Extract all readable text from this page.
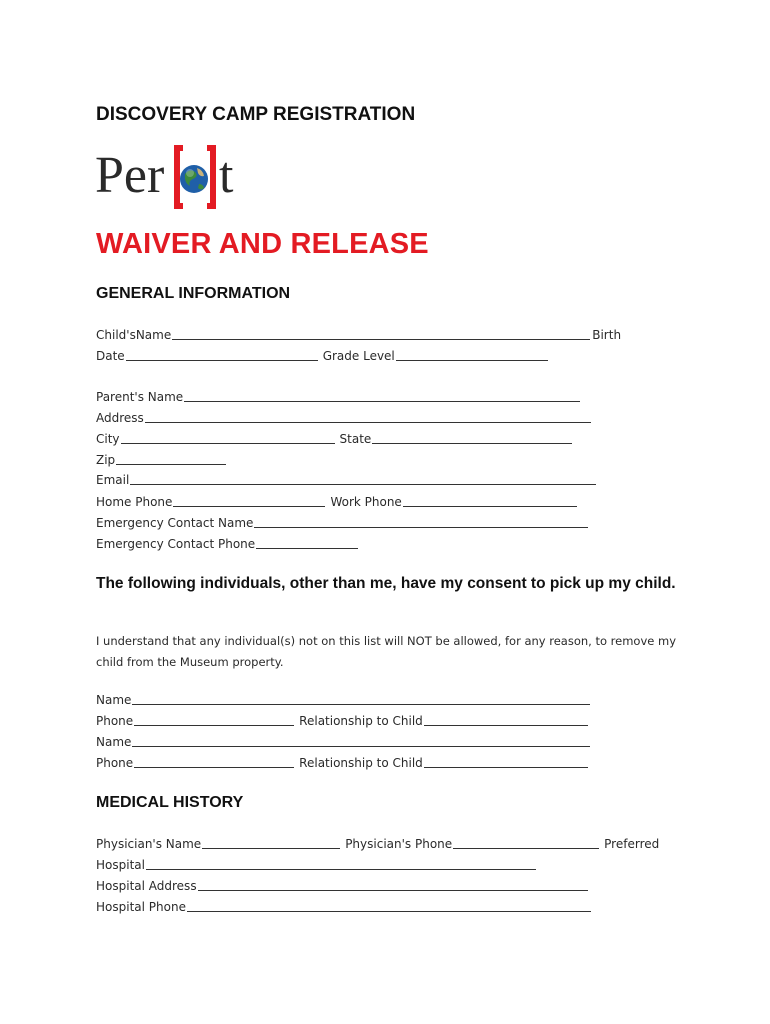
DISCOVERY CAMP REGISTRATION
Per t
WAIVER AND RELEASE
GENERAL INFORMATION
Child'sName	Birth
Date	Grade Level
Parent's Name
Address
City	State
Zip
Email
Home Phone	Work Phone
Emergency Contact Name
Emergency Contact Phone
The following individuals, other than me, have my consent to pick up my child.
I understand that any individual(s) not on this list will NOT be allowed, for any reason, to remove my child from the Museum property.
Name
Phone	Relationship to Child
Name
Phone	Relationship to Child
MEDICAL HISTORY
Physician's Name	Physician's Phone	Preferred
Hospital
Hospital Address
Hospital Phone
